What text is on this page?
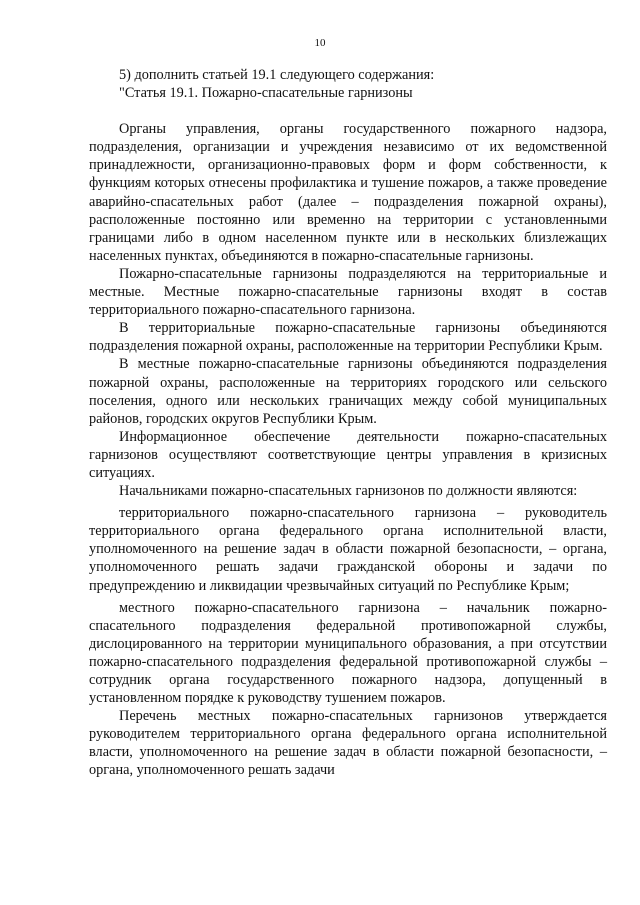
10

5) дополнить статьей 19.1 следующего содержания:

"Статья 19.1. Пожарно-спасательные гарнизоны

Органы управления, органы государственного пожарного надзора, подразделения, организации и учреждения независимо от их ведомственной принадлежности, организационно-правовых форм и форм собственности, к функциям которых отнесены профилактика и тушение пожаров, а также проведение аварийно-спасательных работ (далее – подразделения пожарной охраны), расположенные постоянно или временно на территории с установленными границами либо в одном населенном пункте или в нескольких близлежащих населенных пунктах, объединяются в пожарно-спасательные гарнизоны.

Пожарно-спасательные гарнизоны подразделяются на территориальные и местные. Местные пожарно-спасательные гарнизоны входят в состав территориального пожарно-спасательного гарнизона.

В территориальные пожарно-спасательные гарнизоны объединяются подразделения пожарной охраны, расположенные на территории Республики Крым.

В местные пожарно-спасательные гарнизоны объединяются подразделения пожарной охраны, расположенные на территориях городского или сельского поселения, одного или нескольких граничащих между собой муниципальных районов, городских округов Республики Крым.

Информационное обеспечение деятельности пожарно-спасательных гарнизонов осуществляют соответствующие центры управления в кризисных ситуациях.

Начальниками пожарно-спасательных гарнизонов по должности являются:

территориального пожарно-спасательного гарнизона – руководитель территориального органа федерального органа исполнительной власти, уполномоченного на решение задач в области пожарной безопасности, – органа, уполномоченного решать задачи гражданской обороны и задачи по предупреждению и ликвидации чрезвычайных ситуаций по Республике Крым;

местного пожарно-спасательного гарнизона – начальник пожарно-спасательного подразделения федеральной противопожарной службы, дислоцированного на территории муниципального образования, а при отсутствии пожарно-спасательного подразделения федеральной противопожарной службы – сотрудник органа государственного пожарного надзора, допущенный в установленном порядке к руководству тушением пожаров.

Перечень местных пожарно-спасательных гарнизонов утверждается руководителем территориального органа федерального органа исполнительной власти, уполномоченного на решение задач в области пожарной безопасности, – органа, уполномоченного решать задачи
